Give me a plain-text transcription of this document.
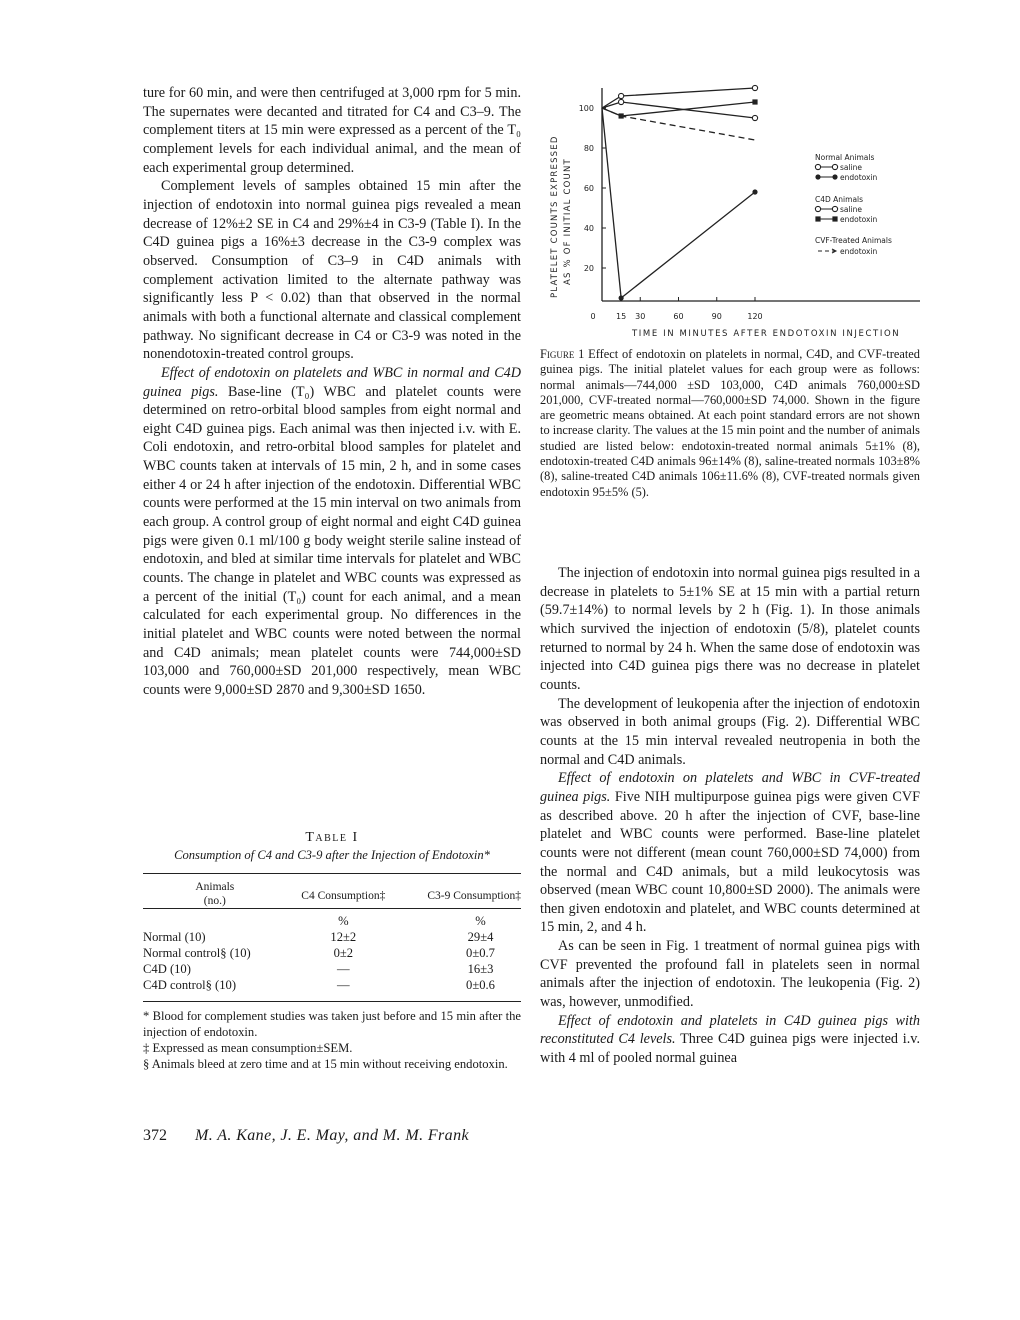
ture for 60 min, and were then centrifuged at 3,000 rpm for 5 min. The supernates were decanted and titrated for C4 and C3–9. The complement titers at 15 min were expressed as a percent of the T₀ complement levels for each individual animal, and the mean of each experimental group determined.

Complement levels of samples obtained 15 min after the injection of endotoxin into normal guinea pigs revealed a mean decrease of 12%±2 SE in C4 and 29%±4 in C3-9 (Table I). In the C4D guinea pigs a 16%±3 decrease in the C3-9 complex was observed. Consumption of C3–9 in C4D animals with complement activation limited to the alternate pathway was significantly less P < 0.02) than that observed in the normal animals with both a functional alternate and classical complement pathway. No significant decrease in C4 or C3-9 was noted in the nonendotoxin-treated control groups.

Effect of endotoxin on platelets and WBC in normal and C4D guinea pigs. Base-line (T₀) WBC and platelet counts were determined on retro-orbital blood samples from eight normal and eight C4D guinea pigs. Each animal was then injected i.v. with E. Coli endotoxin, and retro-orbital blood samples for platelet and WBC counts taken at intervals of 15 min, 2 h, and in some cases either 4 or 24 h after injection of the endotoxin. Differential WBC counts were performed at the 15 min interval on two animals from each group. A control group of eight normal and eight C4D guinea pigs were given 0.1 ml/100 g body weight sterile saline instead of endotoxin, and bled at similar time intervals for platelet and WBC counts. The change in platelet and WBC counts was expressed as a percent of the initial (T₀) count for each animal, and a mean calculated for each experimental group. No differences in the initial platelet and WBC counts were noted between the normal and C4D animals; mean platelet counts were 744,000±SD 103,000 and 760,000±SD 201,000 respectively, mean WBC counts were 9,000±SD 2870 and 9,300±SD 1650.

Table I
Consumption of C4 and C3-9 after the Injection of Endotoxin*
Animals
(no.)	C4 Consumption‡	C3-9 Consumption‡
	%	%
Normal (10)	12±2	29±4
Normal control§ (10)	0±2	0±0.7
C4D (10)	—	16±3
C4D control§ (10)	—	0±0.6
* Blood for complement studies was taken just before and 15 min after the injection of endotoxin.
‡ Expressed as mean consumption±SEM.
§ Animals bleed at zero time and at 15 min without receiving endotoxin.
372 M. A. Kane, J. E. May, and M. M. Frank
20
40
60
80
100
0	15 30	60	90	120
PLATELET COUNTS EXPRESSED AS % OF INITIAL COUNT
TIME IN MINUTES AFTER ENDOTOXIN INJECTION
Normal Animals
saline
endotoxin
C4D Animals
saline
endotoxin
CVF-Treated Animals
endotoxin
Figure 1 Effect of endotoxin on platelets in normal, C4D, and CVF-treated guinea pigs. The initial platelet values for each group were as follows: normal animals—744,000 ±SD 103,000, C4D animals 760,000±SD 201,000, CVF-treated normal—760,000±SD 74,000. Shown in the figure are geometric means obtained. At each point standard errors are not shown to increase clarity. The values at the 15 min point and the number of animals studied are listed below: endotoxin-treated normal animals 5±1% (8), endotoxin-treated C4D animals 96±14% (8), saline-treated normals 103±8% (8), saline-treated C4D animals 106±11.6% (8), CVF-treated normals given endotoxin 95±5% (5).

The injection of endotoxin into normal guinea pigs resulted in a decrease in platelets to 5±1% SE at 15 min with a partial return (59.7±14%) to normal levels by 2 h (Fig. 1). In those animals which survived the injection of endotoxin (5/8), platelet counts returned to normal by 24 h. When the same dose of endotoxin was injected into C4D guinea pigs there was no decrease in platelet counts.

The development of leukopenia after the injection of endotoxin was observed in both animal groups (Fig. 2). Differential WBC counts at the 15 min interval revealed neutropenia in both the normal and C4D animals.

Effect of endotoxin on platelets and WBC in CVF-treated guinea pigs. Five NIH multipurpose guinea pigs were given CVF as described above. 20 h after the injection of CVF, base-line platelet and WBC counts were performed. Base-line platelet counts were not different (mean count 760,000±SD 74,000) from the normal and C4D animals, but a mild leukocytosis was observed (mean WBC count 10,800±SD 2000). The animals were then given endotoxin and platelet, and WBC counts determined at 15 min, 2, and 4 h.

As can be seen in Fig. 1 treatment of normal guinea pigs with CVF prevented the profound fall in platelets seen in normal animals after the injection of endotoxin. The leukopenia (Fig. 2) was, however, unmodified.

Effect of endotoxin and platelets in C4D guinea pigs with reconstituted C4 levels. Three C4D guinea pigs were injected i.v. with 4 ml of pooled normal guinea
